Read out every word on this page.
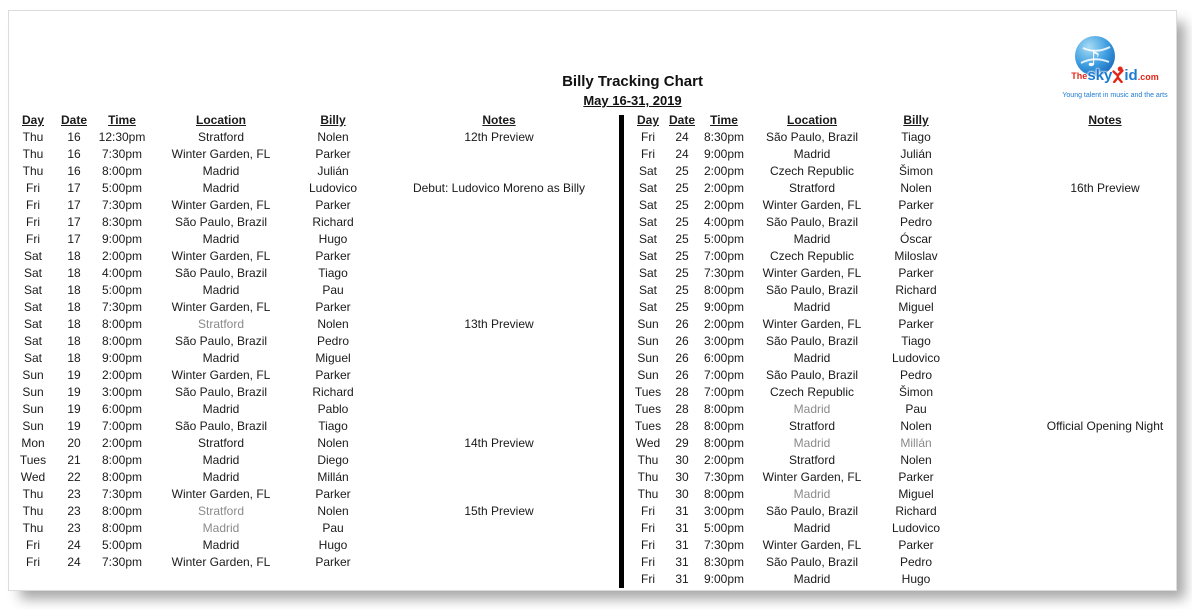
Billy Tracking Chart
May 16-31, 2019
♪
The sky id .com
Young talent in music and the arts
Day	Date	Time	Location	Billy	Notes
Thu	16	12:30pm	Stratford	Nolen	12th Preview
Thu	16	7:30pm	Winter Garden, FL	Parker	
Thu	16	8:00pm	Madrid	Julián	
Fri	17	5:00pm	Madrid	Ludovico	Debut: Ludovico Moreno as Billy
Fri	17	7:30pm	Winter Garden, FL	Parker	
Fri	17	8:30pm	São Paulo, Brazil	Richard	
Fri	17	9:00pm	Madrid	Hugo	
Sat	18	2:00pm	Winter Garden, FL	Parker	
Sat	18	4:00pm	São Paulo, Brazil	Tiago	
Sat	18	5:00pm	Madrid	Pau	
Sat	18	7:30pm	Winter Garden, FL	Parker	
Sat	18	8:00pm	Stratford	Nolen	13th Preview
Sat	18	8:00pm	São Paulo, Brazil	Pedro	
Sat	18	9:00pm	Madrid	Miguel	
Sun	19	2:00pm	Winter Garden, FL	Parker	
Sun	19	3:00pm	São Paulo, Brazil	Richard	
Sun	19	6:00pm	Madrid	Pablo	
Sun	19	7:00pm	São Paulo, Brazil	Tiago	
Mon	20	2:00pm	Stratford	Nolen	14th Preview
Tues	21	8:00pm	Madrid	Diego	
Wed	22	8:00pm	Madrid	Millán	
Thu	23	7:30pm	Winter Garden, FL	Parker	
Thu	23	8:00pm	Stratford	Nolen	15th Preview
Thu	23	8:00pm	Madrid	Pau	
Fri	24	5:00pm	Madrid	Hugo	
Fri	24	7:30pm	Winter Garden, FL	Parker	
Day	Date	Time	Location	Billy		Notes
Fri	24	8:30pm	São Paulo, Brazil	Tiago		
Fri	24	9:00pm	Madrid	Julián		
Sat	25	2:00pm	Czech Republic	Šimon		
Sat	25	2:00pm	Stratford	Nolen		16th Preview
Sat	25	2:00pm	Winter Garden, FL	Parker		
Sat	25	4:00pm	São Paulo, Brazil	Pedro		
Sat	25	5:00pm	Madrid	Óscar		
Sat	25	7:00pm	Czech Republic	Miloslav		
Sat	25	7:30pm	Winter Garden, FL	Parker		
Sat	25	8:00pm	São Paulo, Brazil	Richard		
Sat	25	9:00pm	Madrid	Miguel		
Sun	26	2:00pm	Winter Garden, FL	Parker		
Sun	26	3:00pm	São Paulo, Brazil	Tiago		
Sun	26	6:00pm	Madrid	Ludovico		
Sun	26	7:00pm	São Paulo, Brazil	Pedro		
Tues	28	7:00pm	Czech Republic	Šimon		
Tues	28	8:00pm	Madrid	Pau		
Tues	28	8:00pm	Stratford	Nolen		Official Opening Night
Wed	29	8:00pm	Madrid	Millán		
Thu	30	2:00pm	Stratford	Nolen		
Thu	30	7:30pm	Winter Garden, FL	Parker		
Thu	30	8:00pm	Madrid	Miguel		
Fri	31	3:00pm	São Paulo, Brazil	Richard		
Fri	31	5:00pm	Madrid	Ludovico		
Fri	31	7:30pm	Winter Garden, FL	Parker		
Fri	31	8:30pm	São Paulo, Brazil	Pedro		
Fri	31	9:00pm	Madrid	Hugo		
